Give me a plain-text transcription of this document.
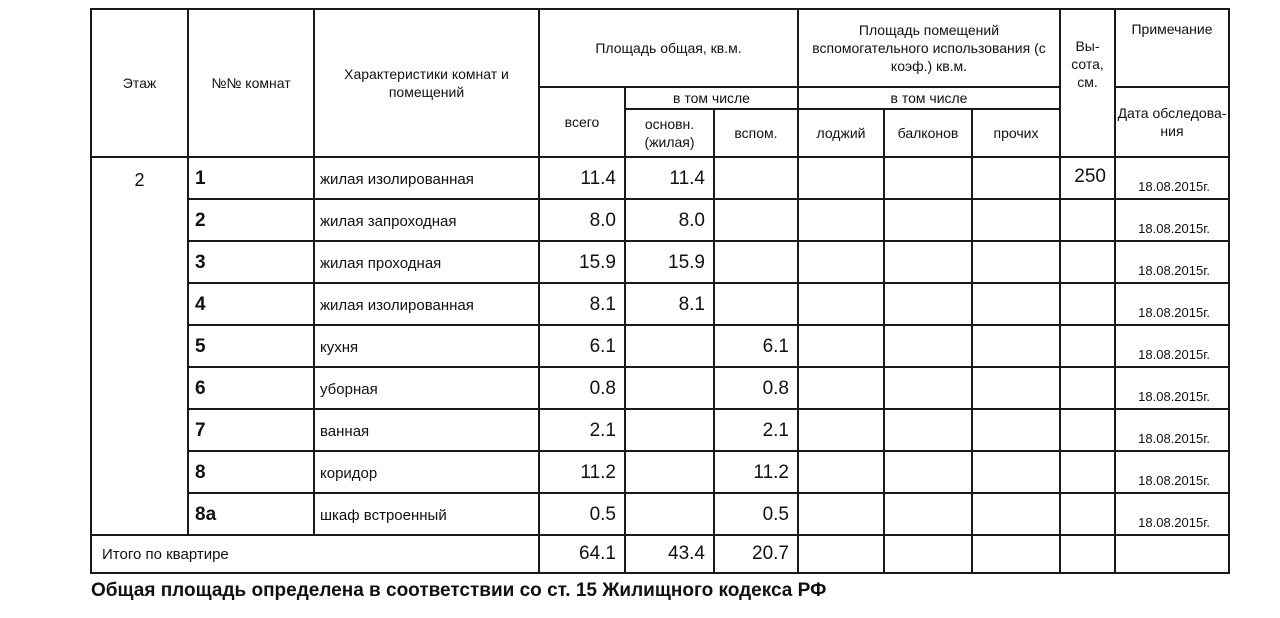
Этаж	№№ комнат	Характеристики комнат и помещений	Площадь общая, кв.м.			Площадь помещений вспомогательного использования (с коэф.) кв.м.			Вы-сота, см.	Примечание
			всего	в том числе		в том числе				Дата обследова-ния
				основн. (жилая)	вспом.	лоджий	балконов	прочих		
2	1	жилая изолированная	11.4	11.4					250	18.08.2015г.
	2	жилая запроходная	8.0	8.0						18.08.2015г.
	3	жилая проходная	15.9	15.9						18.08.2015г.
	4	жилая изолированная	8.1	8.1						18.08.2015г.
	5	кухня	6.1		6.1					18.08.2015г.
	6	уборная	0.8		0.8					18.08.2015г.
	7	ванная	2.1		2.1					18.08.2015г.
	8	коридор	11.2		11.2					18.08.2015г.
	8а	шкаф встроенный	0.5		0.5					18.08.2015г.
Итого по квартире			64.1	43.4	20.7					
Общая площадь определена в соответствии со ст. 15 Жилищного кодекса РФ
